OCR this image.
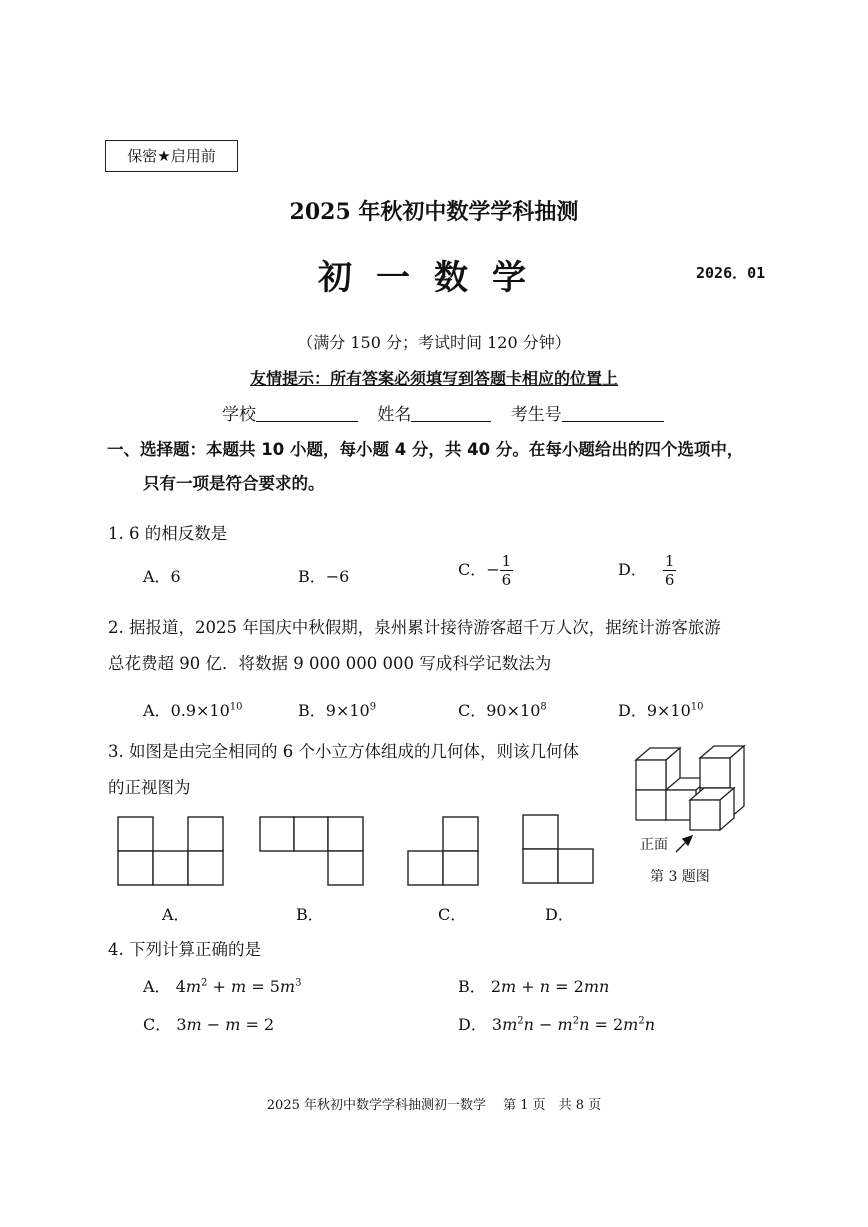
保密★启用前
2025 年秋初中数学学科抽测
初一数学	2026．01
（满分 150 分；考试时间 120 分钟）
友情提示：所有答案必须填写到答题卡相应的位置上
学校	姓名	考生号
一、选择题：本题共 10 小题，每小题 4 分，共 40 分。在每小题给出的四个选项中，
只有一项是符合要求的。
1. 6 的相反数是
A．6	B．−6	C．− $\frac{1}{6}$	D． $\frac{1}{6}$
2. 据报道，2025 年国庆中秋假期，泉州累计接待游客超千万人次，据统计游客旅游
总花费超 90 亿．将数据 9 000 000 000 写成科学记数法为
A．$0.9\times 10^{10}$	B．$9\times 10^9$	C．$90\times 10^8$	D．$9\times 10^{10}$
3. 如图是由完全相同的 6 个小立方体组成的几何体，则该几何体
的正视图为
正面
第 3 题图
A．	B．	C．	D．
4. 下列计算正确的是
A． $4m^2 + m = 5m^3$	B． 2m + n = 2mn
C． 3m − m = 2	D． $3m^2n - m^2n = 2m^2n$
2025 年秋初中数学学科抽测初一数学　 第 1 页　共 8 页
